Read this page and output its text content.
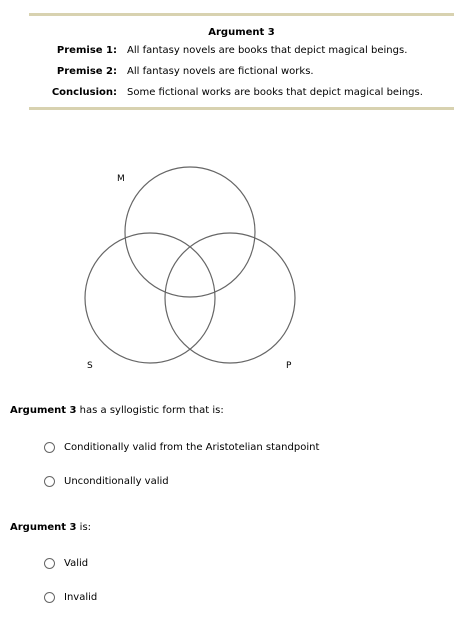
Argument 3
Premise 1: All fantasy novels are books that depict magical beings.
Premise 2: All fantasy novels are fictional works.
Conclusion: Some fictional works are books that depict magical beings.
M
S	P
Argument 3 has a syllogistic form that is:
Conditionally valid from the Aristotelian standpoint
Unconditionally valid
Argument 3 is:
Valid
Invalid
